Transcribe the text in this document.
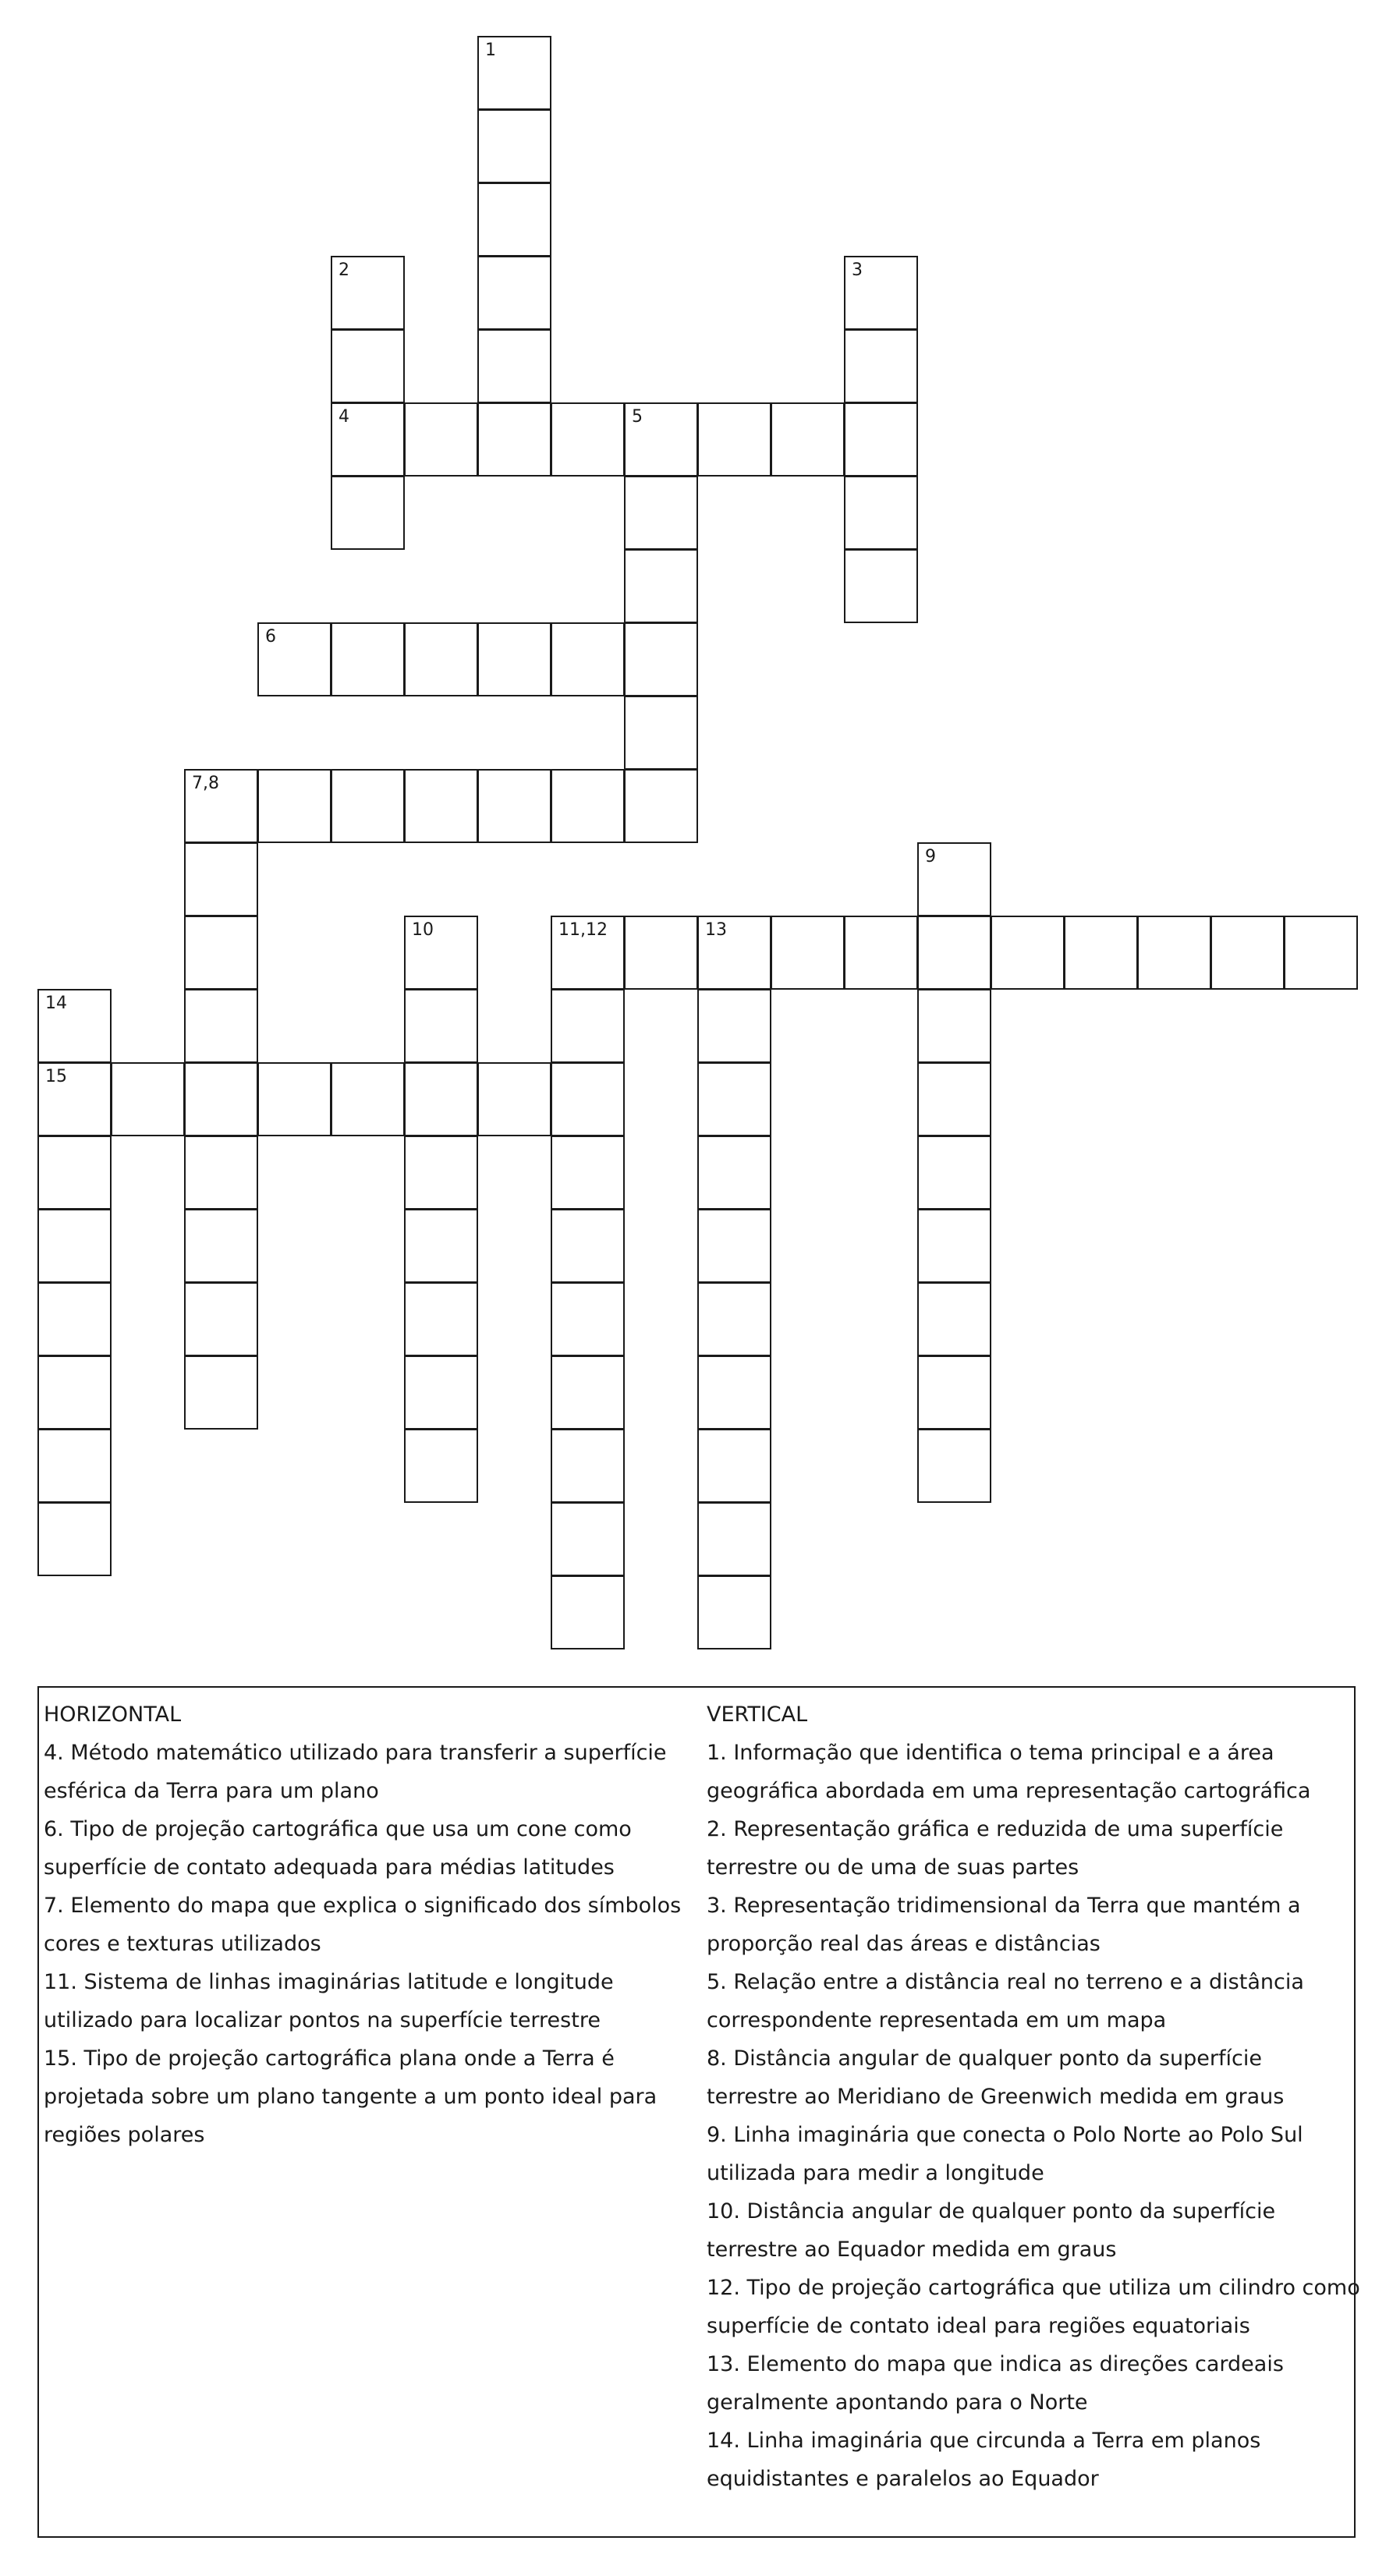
1
2
4
3
5
6
7,8
9
10	11,12	13
14
15
HORIZONTAL
4. Método matemático utilizado para transferir a superfície
esférica da Terra para um plano
6. Tipo de projeção cartográfica que usa um cone como
superfície de contato adequada para médias latitudes
7. Elemento do mapa que explica o significado dos símbolos
cores e texturas utilizados
11. Sistema de linhas imaginárias latitude e longitude
utilizado para localizar pontos na superfície terrestre
15. Tipo de projeção cartográfica plana onde a Terra é
projetada sobre um plano tangente a um ponto ideal para
regiões polares
VERTICAL
1. Informação que identifica o tema principal e a área
geográfica abordada em uma representação cartográfica
2. Representação gráfica e reduzida de uma superfície
terrestre ou de uma de suas partes
3. Representação tridimensional da Terra que mantém a
proporção real das áreas e distâncias
5. Relação entre a distância real no terreno e a distância
correspondente representada em um mapa
8. Distância angular de qualquer ponto da superfície
terrestre ao Meridiano de Greenwich medida em graus
9. Linha imaginária que conecta o Polo Norte ao Polo Sul
utilizada para medir a longitude
10. Distância angular de qualquer ponto da superfície
terrestre ao Equador medida em graus
12. Tipo de projeção cartográfica que utiliza um cilindro como
superfície de contato ideal para regiões equatoriais
13. Elemento do mapa que indica as direções cardeais
geralmente apontando para o Norte
14. Linha imaginária que circunda a Terra em planos
equidistantes e paralelos ao Equador
